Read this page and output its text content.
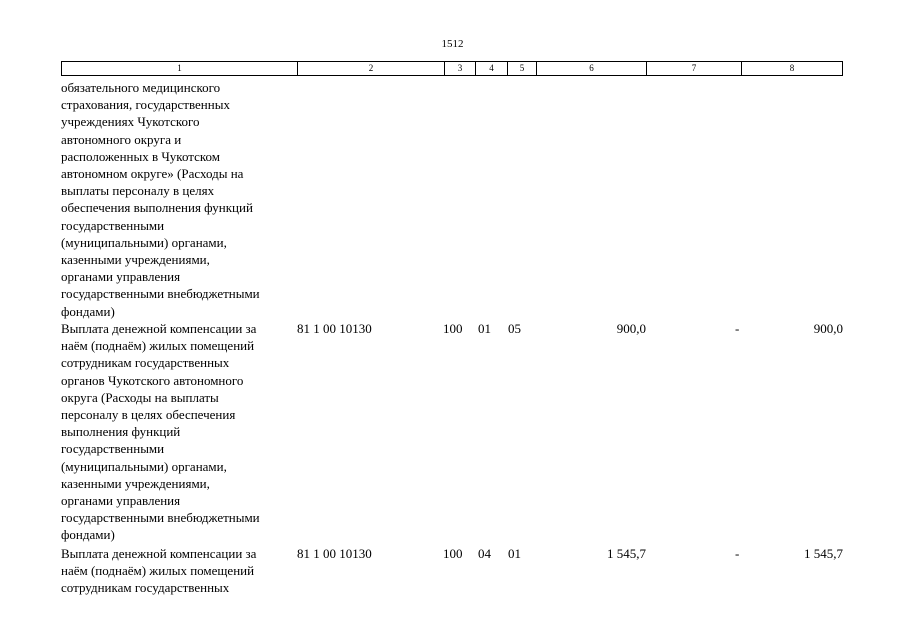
1512
1	2	3	4	5	6	7	8
обязательного медицинского
страхования, государственных
учреждениях Чукотского
автономного округа и
расположенных в Чукотском
автономном округе» (Расходы на
выплаты персоналу в целях
обеспечения выполнения функций
государственными
(муниципальными) органами,
казенными учреждениями,
органами управления
государственными внебюджетными
фондами)
Выплата денежной компенсации за
наём (поднаём) жилых помещений
сотрудникам государственных
органов Чукотского автономного
округа (Расходы на выплаты
персоналу в целях обеспечения
выполнения функций
государственными
(муниципальными) органами,
казенными учреждениями,
органами управления
государственными внебюджетными
фондами)
81 1 00 10130	100 01 05	900,0	-	900,0
Выплата денежной компенсации за
наём (поднаём) жилых помещений
сотрудникам государственных
81 1 00 10130	100 04 01	1 545,7	-	1 545,7
